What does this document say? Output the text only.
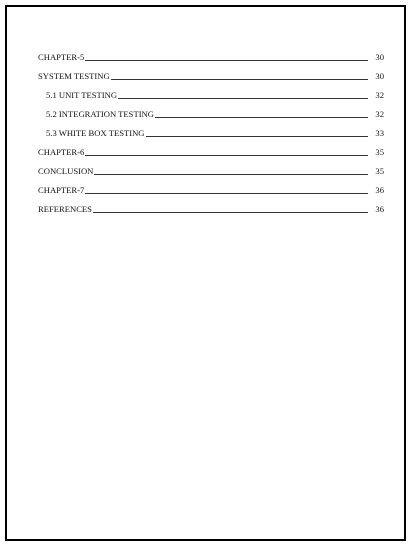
CHAPTER-5	30
SYSTEM TESTING	30
5.1 UNIT TESTING	32
5.2 INTEGRATION TESTING	32
5.3 WHITE BOX TESTING	33
CHAPTER-6	35
CONCLUSION	35
CHAPTER-7	36
REFERENCES	36
